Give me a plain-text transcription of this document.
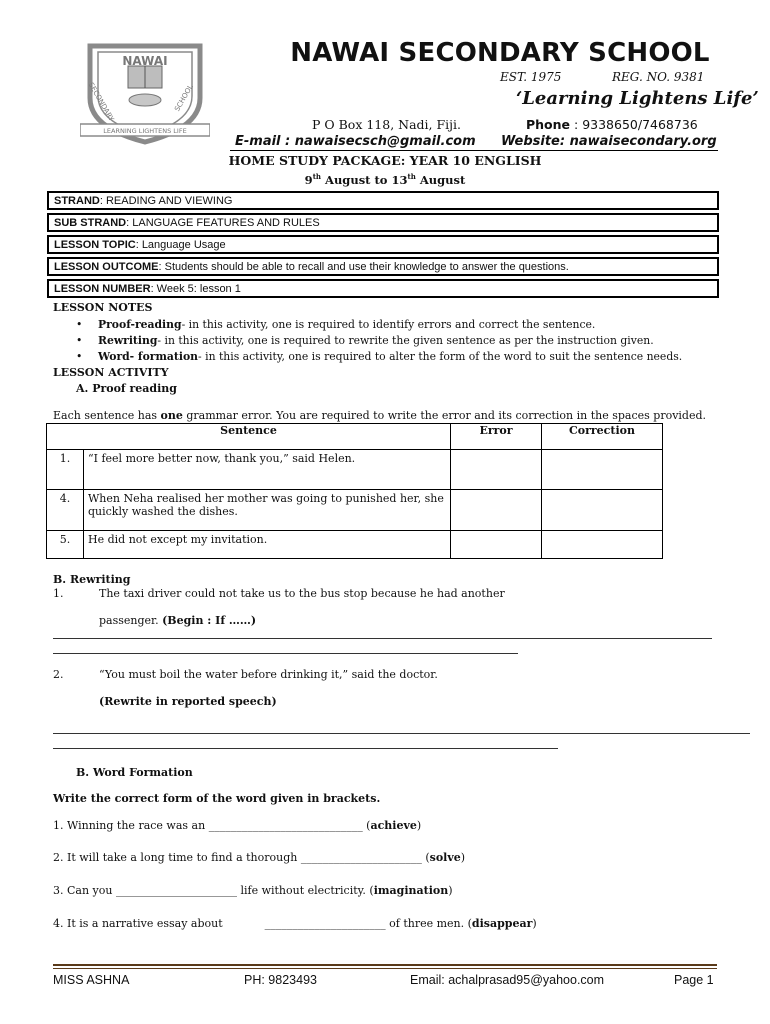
NAWAI
SECONDARY	SCHOOL
LEARNING LIGHTENS LIFE
NAWAI SECONDARY SCHOOL
EST. 1975	REG. NO. 9381
‘Learning Lightens Life’
P O Box 118, Nadi, Fiji.	Phone : 9338650/7468736
E-mail : nawaisecsch@gmail.com Website: nawaisecondary.org
HOME STUDY PACKAGE: YEAR 10 ENGLISH
9th August to 13th August
STRAND: READING AND VIEWING
SUB STRAND: LANGUAGE FEATURES AND RULES
LESSON TOPIC: Language Usage
LESSON OUTCOME: Students should be able to recall and use their knowledge to answer the questions.
LESSON NUMBER: Week 5: lesson 1
LESSON NOTES
• Proof-reading- in this activity, one is required to identify errors and correct the sentence.
• Rewriting- in this activity, one is required to rewrite the given sentence as per the instruction given.
• Word- formation- in this activity, one is required to alter the form of the word to suit the sentence needs.
LESSON ACTIVITY
A. Proof reading
Each sentence has one grammar error. You are required to write the error and its correction in the spaces provided.
Sentence		Error	Correction
1.	“I feel more better now, thank you,” said Helen.		
4.	When Neha realised her mother was going to punished her, she quickly washed the dishes.		
5.	He did not except my invitation.		
B. Rewriting
1.	The taxi driver could not take us to the bus stop because he had another
passenger. (Begin : If ……)
2.	“You must boil the water before drinking it,” said the doctor.
(Rewrite in reported speech)
B. Word Formation
Write the correct form of the word given in brackets.
1. Winning the race was an ____________________________ (achieve)
2. It will take a long time to find a thorough ______________________ (solve)
3. Can you ______________________ life without electricity. (imagination)
4. It is a narrative essay about	______________________ of three men. (disappear)
MISS ASHNA	PH: 9823493	Email: achalprasad95@yahoo.com	Page 1
